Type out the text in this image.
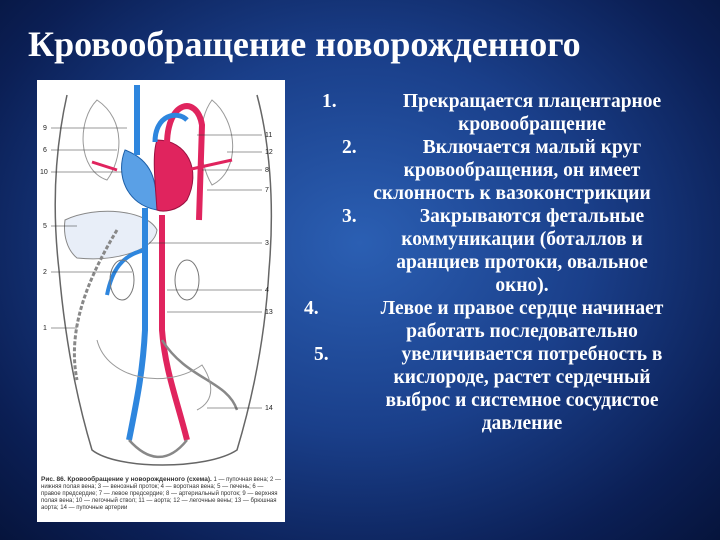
Кровообращение новорожденного
9
6
10
5
2
1
11
12
8
7
3
4
13
14
Рис. 86. Кровообращение у новорожденного (схема). 1 — пупочная вена; 2 — нижняя полая вена; 3 — венозный проток; 4 — воротная вена; 5 — печень; 6 — правое предсердие; 7 — левое предсердие; 8 — артериальный проток; 9 — верхняя полая вена; 10 — легочный ствол; 11 — аорта; 12 — легочные вены; 13 — брюшная аорта; 14 — пупочные артерии
1.	Прекращается плацентарное
кровообращение
2.	Включается малый круг
кровообращения, он имеет
склонность к вазоконстрикции
3.	Закрываются фетальные
коммуникации (боталлов и
аранциев протоки, овальное
окно).
4.	Левое и правое сердце начинает
работать последовательно
5.	увеличивается потребность в
кислороде, растет сердечный
выброс и системное сосудистое
давление
